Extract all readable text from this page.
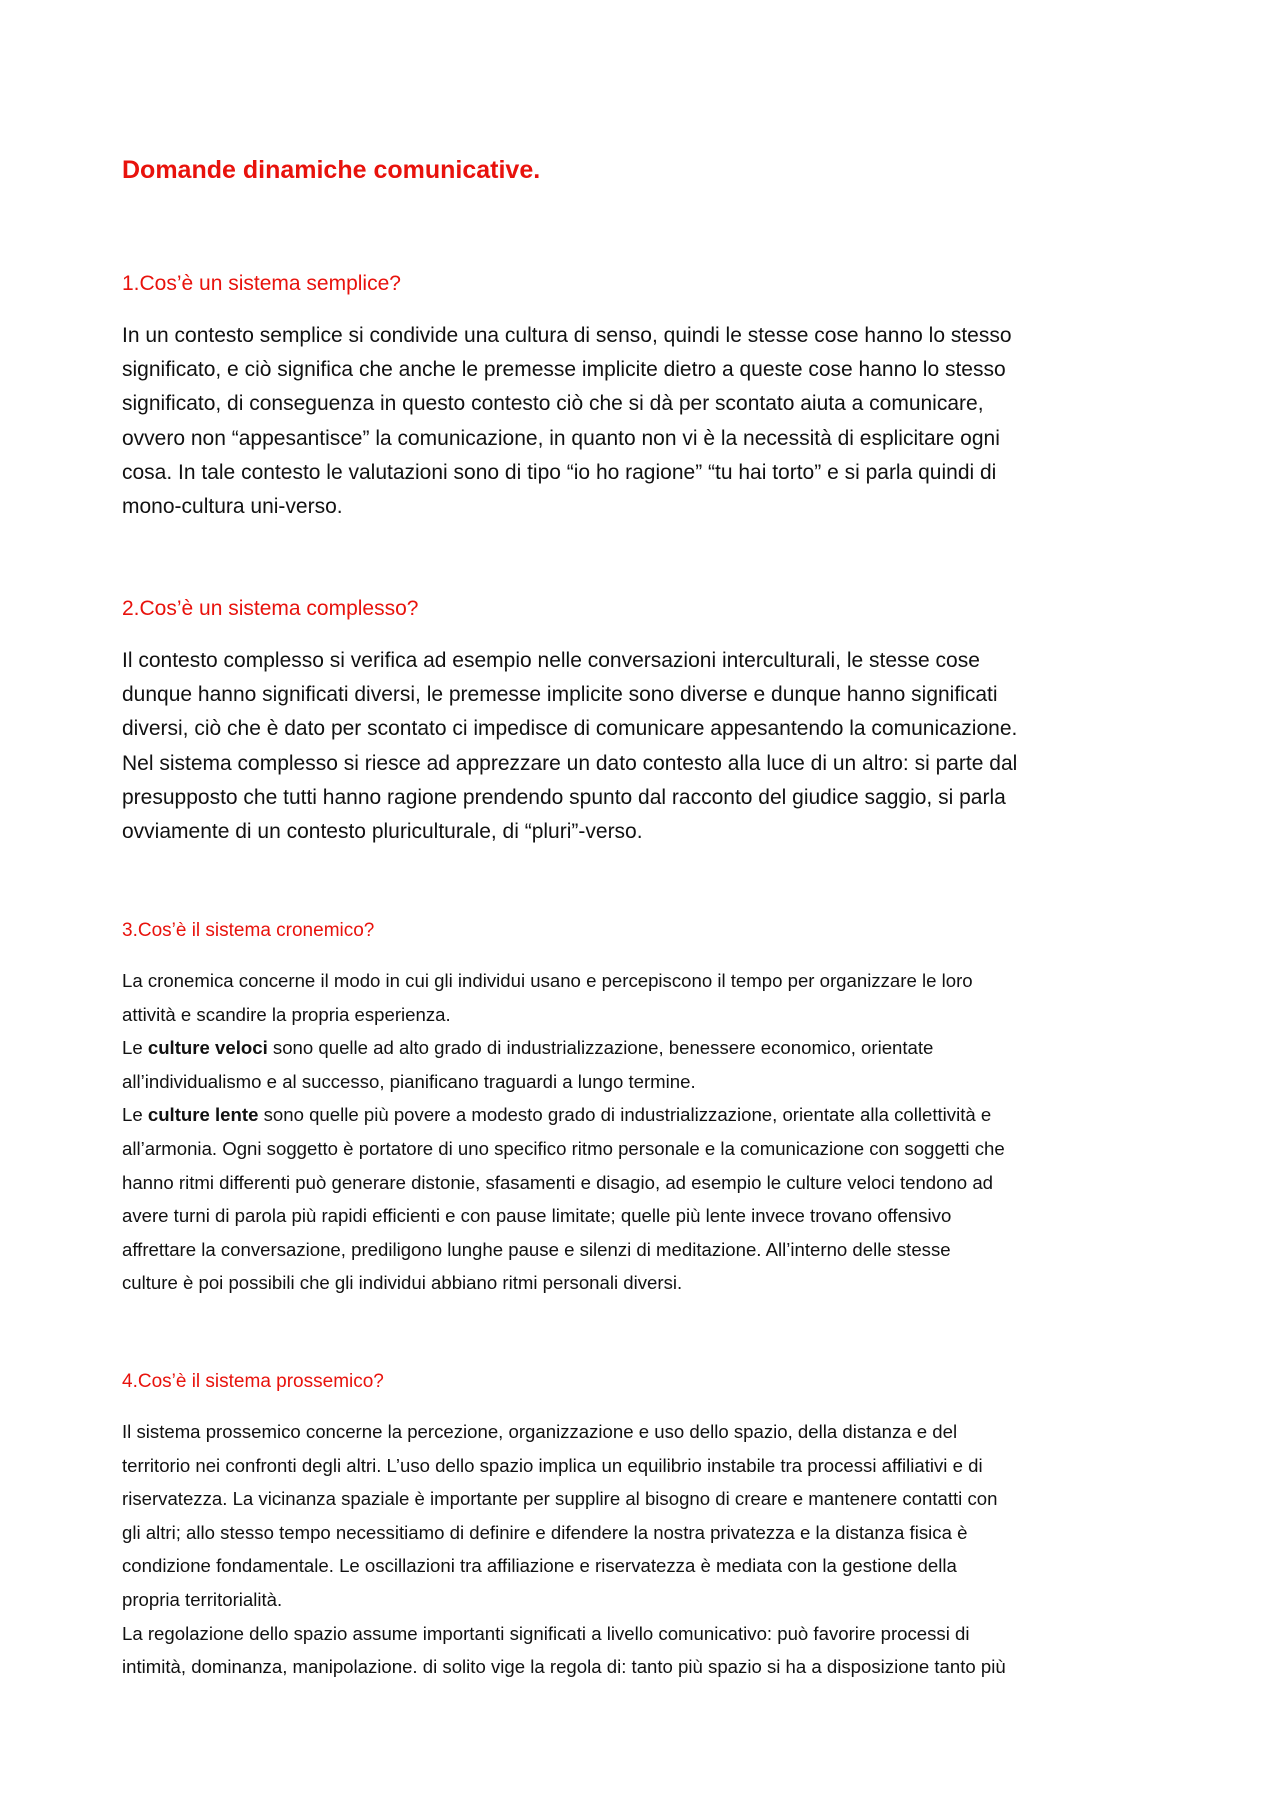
Domande dinamiche comunicative.
1.Cos’è un sistema semplice?

In un contesto semplice si condivide una cultura di senso, quindi le stesse cose hanno lo stesso
significato, e ciò significa che anche le premesse implicite dietro a queste cose hanno lo stesso
significato, di conseguenza in questo contesto ciò che si dà per scontato aiuta a comunicare,
ovvero non “appesantisce” la comunicazione, in quanto non vi è la necessità di esplicitare ogni
cosa. In tale contesto le valutazioni sono di tipo “io ho ragione” “tu hai torto” e si parla quindi di
mono-cultura uni-verso.

2.Cos’è un sistema complesso?

Il contesto complesso si verifica ad esempio nelle conversazioni interculturali, le stesse cose
dunque hanno significati diversi, le premesse implicite sono diverse e dunque hanno significati
diversi, ciò che è dato per scontato ci impedisce di comunicare appesantendo la comunicazione.
Nel sistema complesso si riesce ad apprezzare un dato contesto alla luce di un altro: si parte dal
presupposto che tutti hanno ragione prendendo spunto dal racconto del giudice saggio, si parla
ovviamente di un contesto pluriculturale, di “pluri”-verso.

3.Cos’è il sistema cronemico?

La cronemica concerne il modo in cui gli individui usano e percepiscono il tempo per organizzare le loro
attività e scandire la propria esperienza.
Le culture veloci sono quelle ad alto grado di industrializzazione, benessere economico, orientate
all’individualismo e al successo, pianificano traguardi a lungo termine.
Le culture lente sono quelle più povere a modesto grado di industrializzazione, orientate alla collettività e
all’armonia. Ogni soggetto è portatore di uno specifico ritmo personale e la comunicazione con soggetti che
hanno ritmi differenti può generare distonie, sfasamenti e disagio, ad esempio le culture veloci tendono ad
avere turni di parola più rapidi efficienti e con pause limitate; quelle più lente invece trovano offensivo
affrettare la conversazione, prediligono lunghe pause e silenzi di meditazione. All’interno delle stesse
culture è poi possibili che gli individui abbiano ritmi personali diversi.

4.Cos’è il sistema prossemico?

Il sistema prossemico concerne la percezione, organizzazione e uso dello spazio, della distanza e del
territorio nei confronti degli altri. L’uso dello spazio implica un equilibrio instabile tra processi affiliativi e di
riservatezza. La vicinanza spaziale è importante per supplire al bisogno di creare e mantenere contatti con
gli altri; allo stesso tempo necessitiamo di definire e difendere la nostra privatezza e la distanza fisica è
condizione fondamentale. Le oscillazioni tra affiliazione e riservatezza è mediata con la gestione della
propria territorialità.
La regolazione dello spazio assume importanti significati a livello comunicativo: può favorire processi di
intimità, dominanza, manipolazione. di solito vige la regola di: tanto più spazio si ha a disposizione tanto più
